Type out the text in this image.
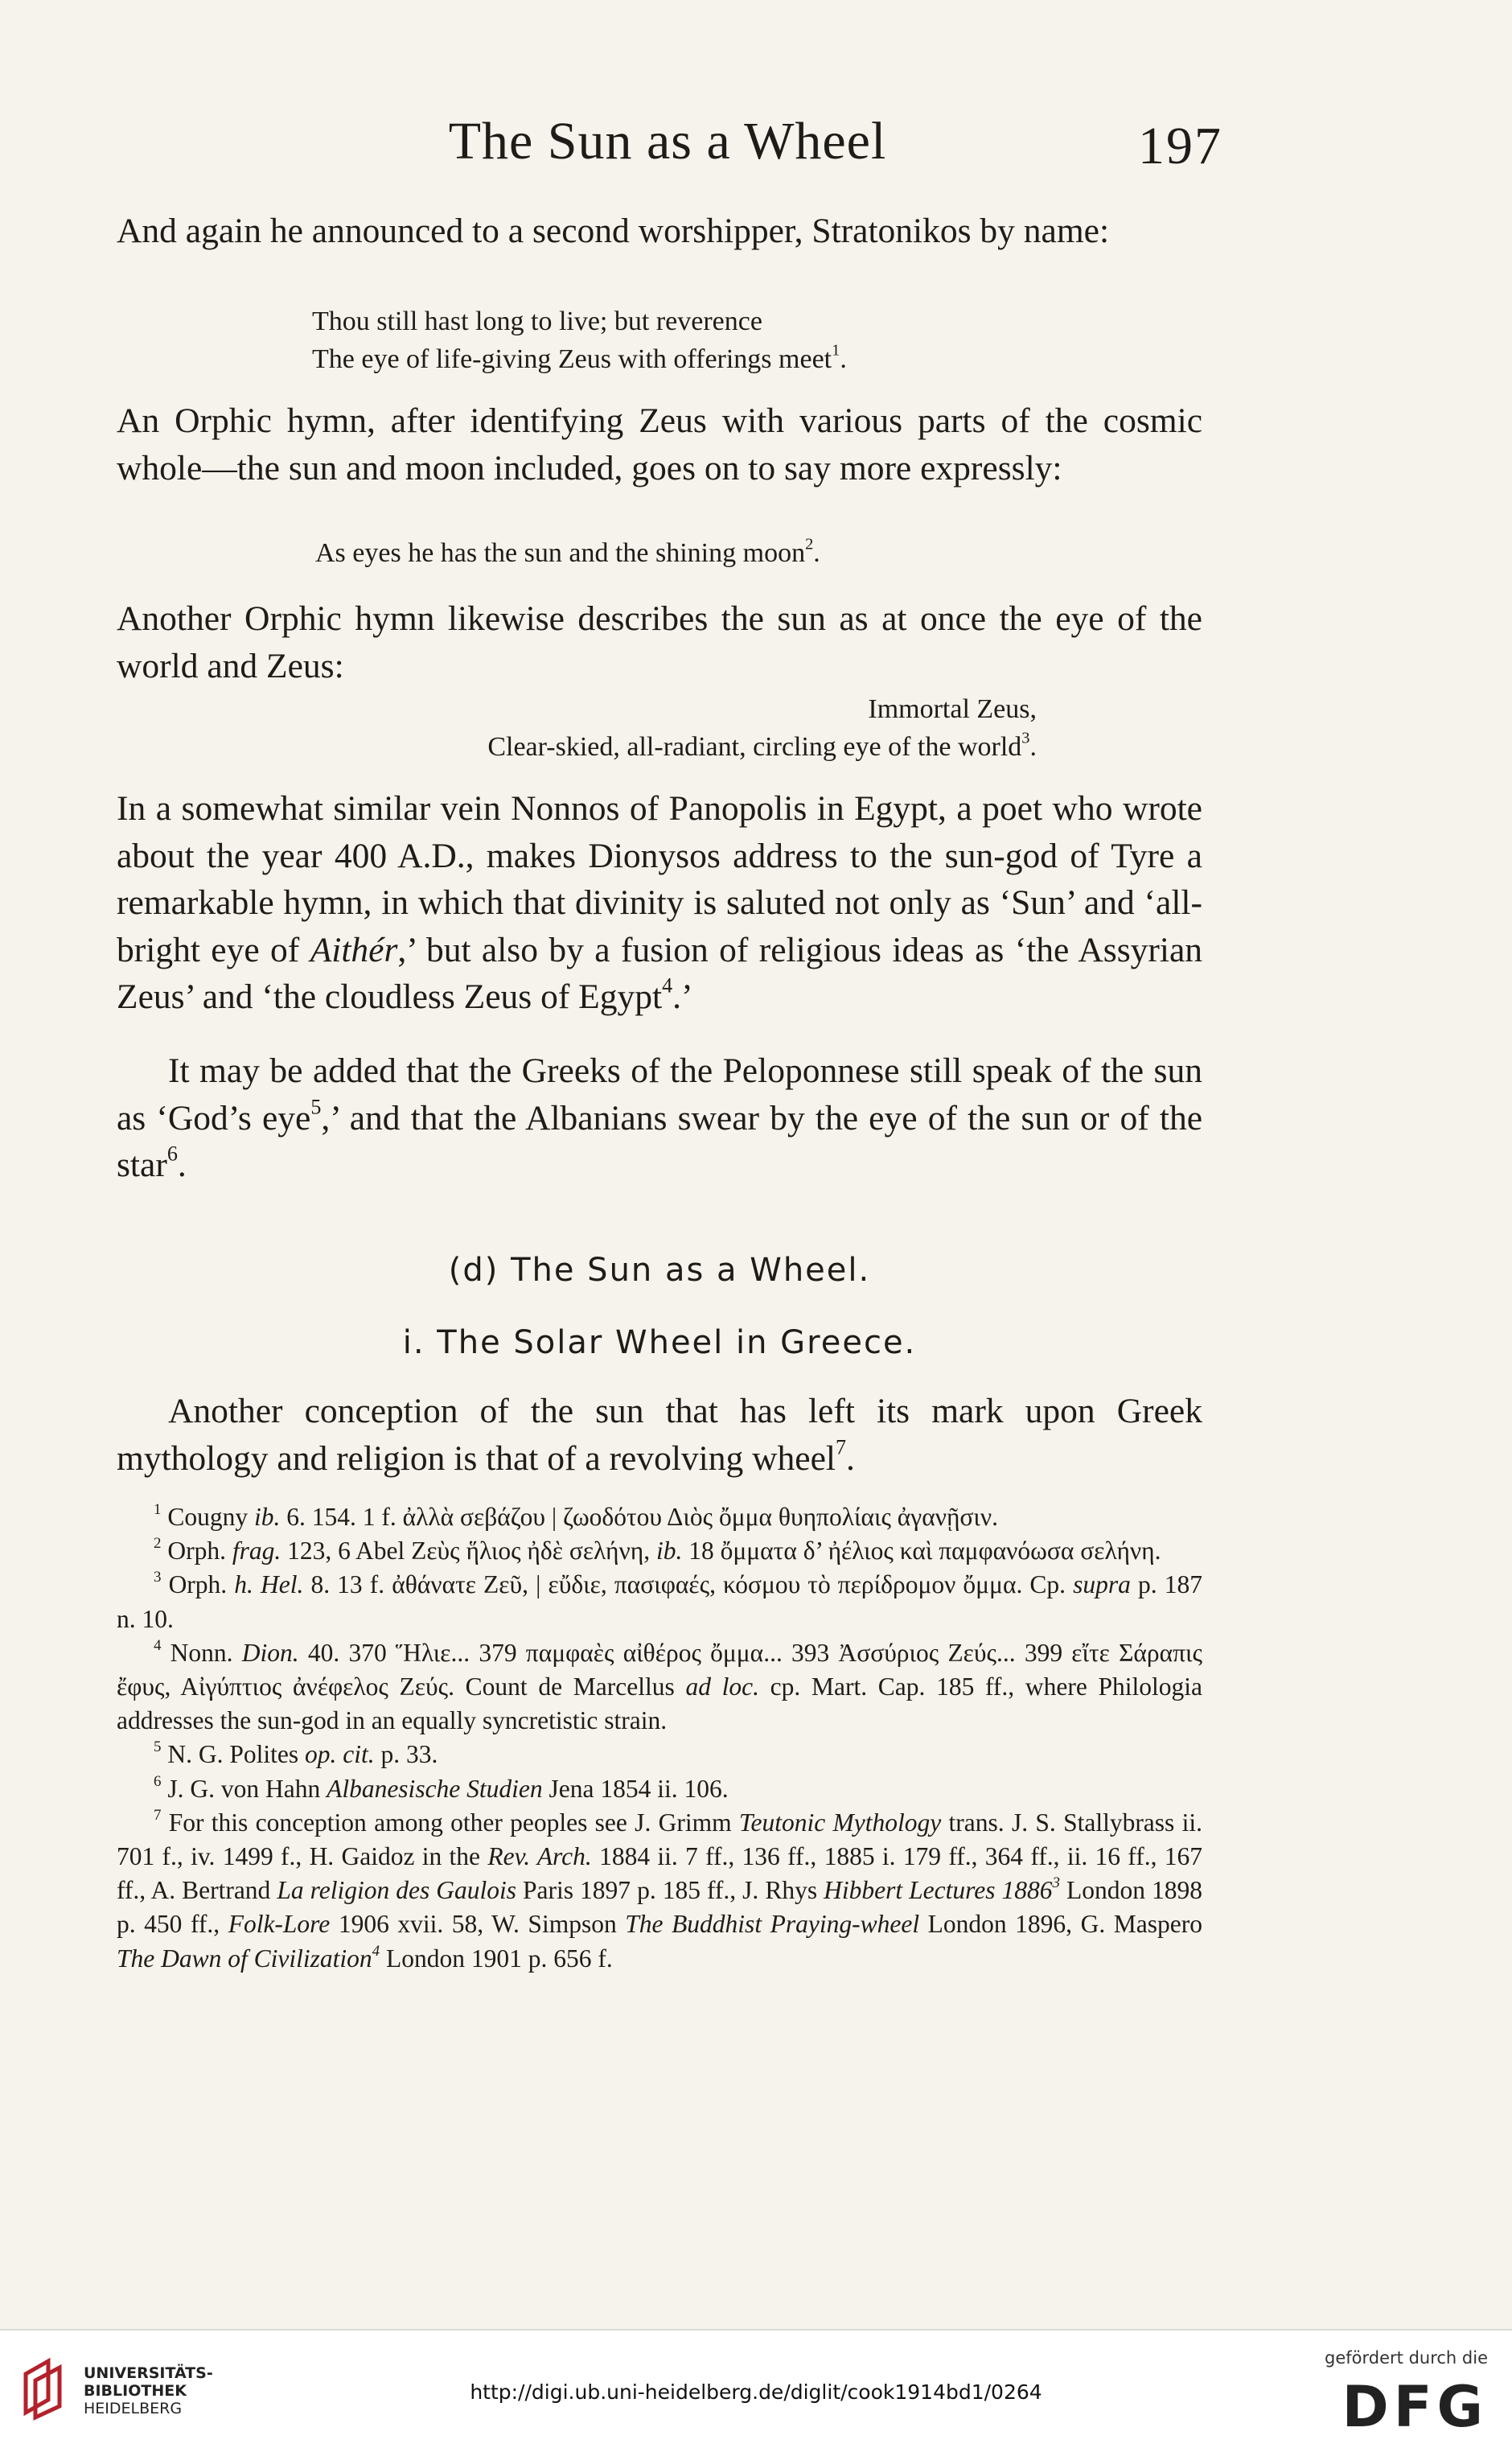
The Sun as a Wheel	197

And again he announced to a second worshipper, Stratonikos by name:

Thou still hast long to live; but reverence
The eye of life-giving Zeus with offerings meet$^1$.

An Orphic hymn, after identifying Zeus with various parts of the cosmic whole—the sun and moon included, goes on to say more expressly:

As eyes he has the sun and the shining moon$^2$.

Another Orphic hymn likewise describes the sun as at once the eye of the world and Zeus:

Immortal Zeus,
Clear-skied, all-radiant, circling eye of the world$^3$.

In a somewhat similar vein Nonnos of Panopolis in Egypt, a poet who wrote about the year 400 A.D., makes Dionysos address to the sun-god of Tyre a remarkable hymn, in which that divinity is saluted not only as ‘Sun’ and ‘all-bright eye of Aithér,’ but also by a fusion of religious ideas as ‘the Assyrian Zeus’ and ‘the cloudless Zeus of Egypt$^4$.’

It may be added that the Greeks of the Peloponnese still speak of the sun as ‘God’s eye$^5$,’ and that the Albanians swear by the eye of the sun or of the star$^6$.

(d) The Sun as a Wheel.
i. The Solar Wheel in Greece.

Another conception of the sun that has left its mark upon Greek mythology and religion is that of a revolving wheel$^7$.

$^1$ Cougny ib. 6. 154. 1 f. ἀλλὰ σεβάζου | ζωοδότου Διὸς ὄμμα θυηπολίαις ἀγανῇσιν.

$^2$ Orph. frag. 123, 6 Abel Ζεὺς ἥλιος ἠδὲ σελήνη, ib. 18 ὄμματα δ’ ἠέλιος καὶ παμφανόωσα σελήνη.

$^3$ Orph. h. Hel. 8. 13 f. ἀθάνατε Ζεῦ, | εὔδιε, πασιφαές, κόσμου τὸ περίδρομον ὄμμα. Cp. supra p. 187 n. 10.

$^4$ Nonn. Dion. 40. 370 Ἥλιε... 379 παμφαὲς αἰθέρος ὄμμα... 393 Ἀσσύριος Ζεύς... 399 εἴτε Σάραπις ἔφυς, Αἰγύπτιος ἀνέφελος Ζεύς. Count de Marcellus ad loc. cp. Mart. Cap. 185 ff., where Philologia addresses the sun-god in an equally syncretistic strain.

$^5$ N. G. Polites op. cit. p. 33.

$^6$ J. G. von Hahn Albanesische Studien Jena 1854 ii. 106.

$^7$ For this conception among other peoples see J. Grimm Teutonic Mythology trans. J. S. Stallybrass ii. 701 f., iv. 1499 f., H. Gaidoz in the Rev. Arch. 1884 ii. 7 ff., 136 ff., 1885 i. 179 ff., 364 ff., ii. 16 ff., 167 ff., A. Bertrand La religion des Gaulois Paris 1897 p. 185 ff., J. Rhys Hibbert Lectures 1886$^3$ London 1898 p. 450 ff., Folk-Lore 1906 xvii. 58, W. Simpson The Buddhist Praying-wheel London 1896, G. Maspero The Dawn of Civilization$^4$ London 1901 p. 656 f.

UNIVERSITÄTS-
BIBLIOTHEK
HEIDELBERG
http://digi.ub.uni-heidelberg.de/diglit/cook1914bd1/0264
gefördert durch die
DFG
